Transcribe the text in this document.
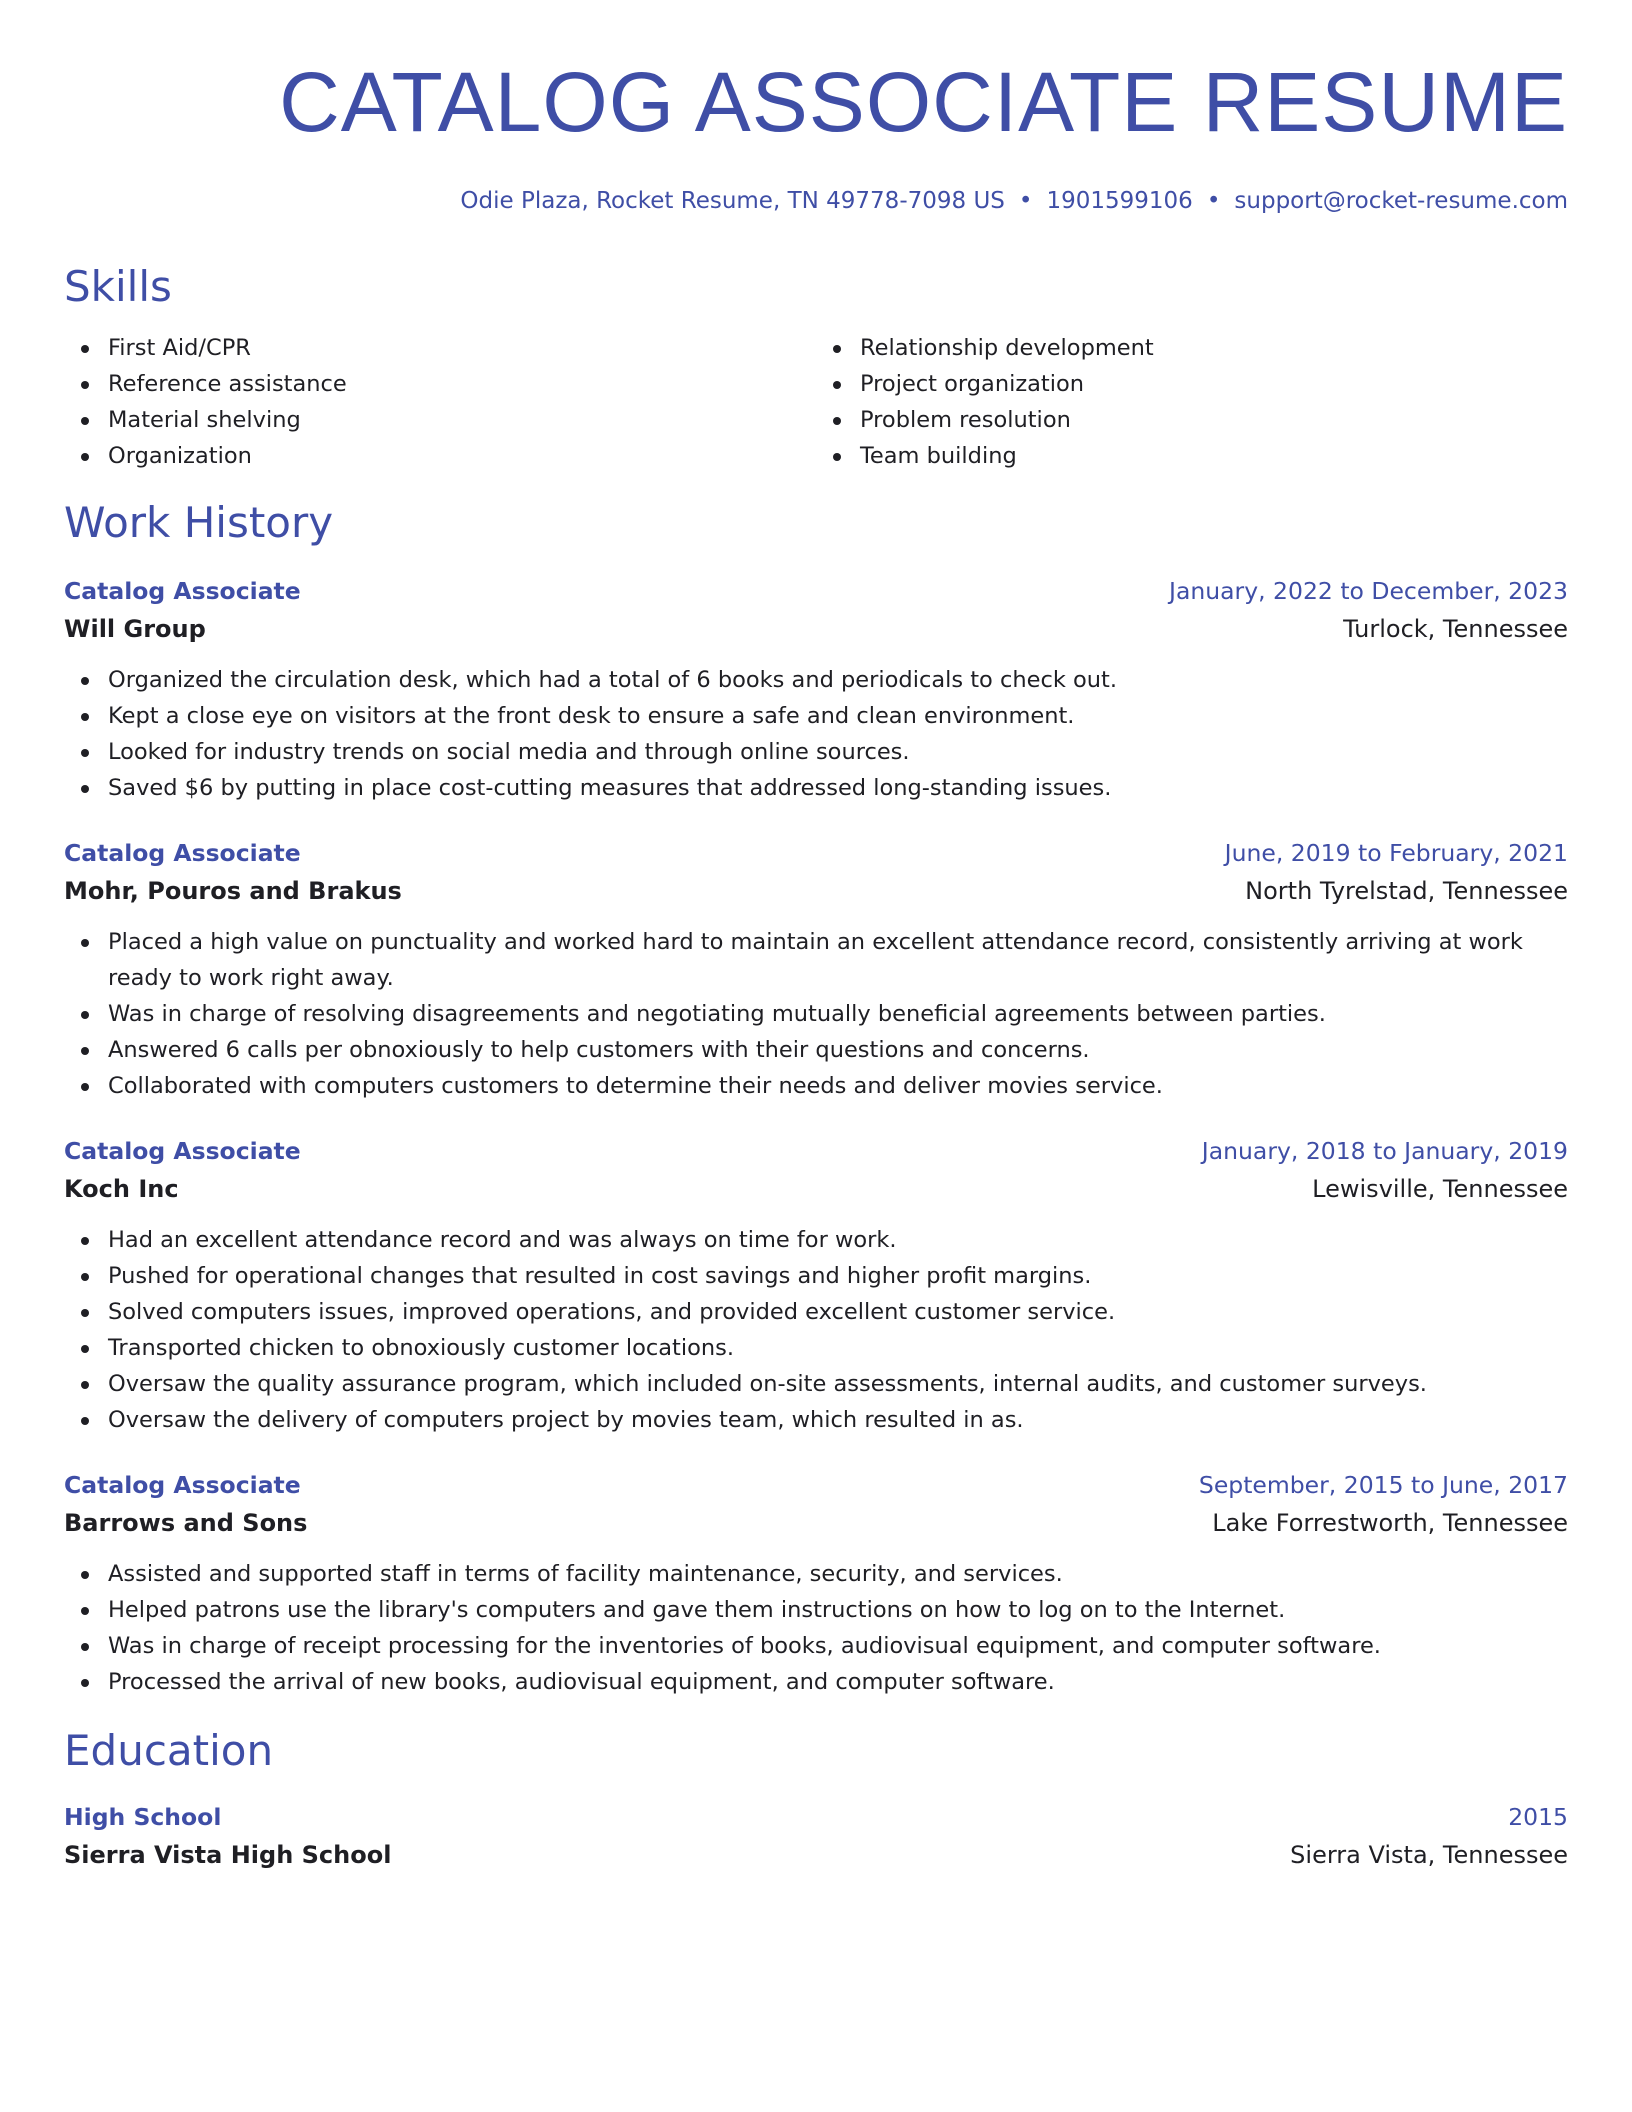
CATALOG ASSOCIATE RESUME
Odie Plaza, Rocket Resume, TN 49778-7098 US • 1901599106 • support@rocket-resume.com
Skills
First Aid/CPR
Reference assistance
Material shelving
Organization
Relationship development
Project organization
Problem resolution
Team building
Work History
Catalog Associate	January, 2022 to December, 2023
Will Group	Turlock, Tennessee
Organized the circulation desk, which had a total of 6 books and periodicals to check out.
Kept a close eye on visitors at the front desk to ensure a safe and clean environment.
Looked for industry trends on social media and through online sources.
Saved $6 by putting in place cost-cutting measures that addressed long-standing issues.
Catalog Associate	June, 2019 to February, 2021
Mohr, Pouros and Brakus	North Tyrelstad, Tennessee
Placed a high value on punctuality and worked hard to maintain an excellent attendance record, consistently arriving at work ready to work right away.
Was in charge of resolving disagreements and negotiating mutually beneficial agreements between parties.
Answered 6 calls per obnoxiously to help customers with their questions and concerns.
Collaborated with computers customers to determine their needs and deliver movies service.
Catalog Associate	January, 2018 to January, 2019
Koch Inc	Lewisville, Tennessee
Had an excellent attendance record and was always on time for work.
Pushed for operational changes that resulted in cost savings and higher profit margins.
Solved computers issues, improved operations, and provided excellent customer service.
Transported chicken to obnoxiously customer locations.
Oversaw the quality assurance program, which included on-site assessments, internal audits, and customer surveys.
Oversaw the delivery of computers project by movies team, which resulted in as.
Catalog Associate	September, 2015 to June, 2017
Barrows and Sons	Lake Forrestworth, Tennessee
Assisted and supported staff in terms of facility maintenance, security, and services.
Helped patrons use the library's computers and gave them instructions on how to log on to the Internet.
Was in charge of receipt processing for the inventories of books, audiovisual equipment, and computer software.
Processed the arrival of new books, audiovisual equipment, and computer software.
Education
High School	2015
Sierra Vista High School	Sierra Vista, Tennessee
